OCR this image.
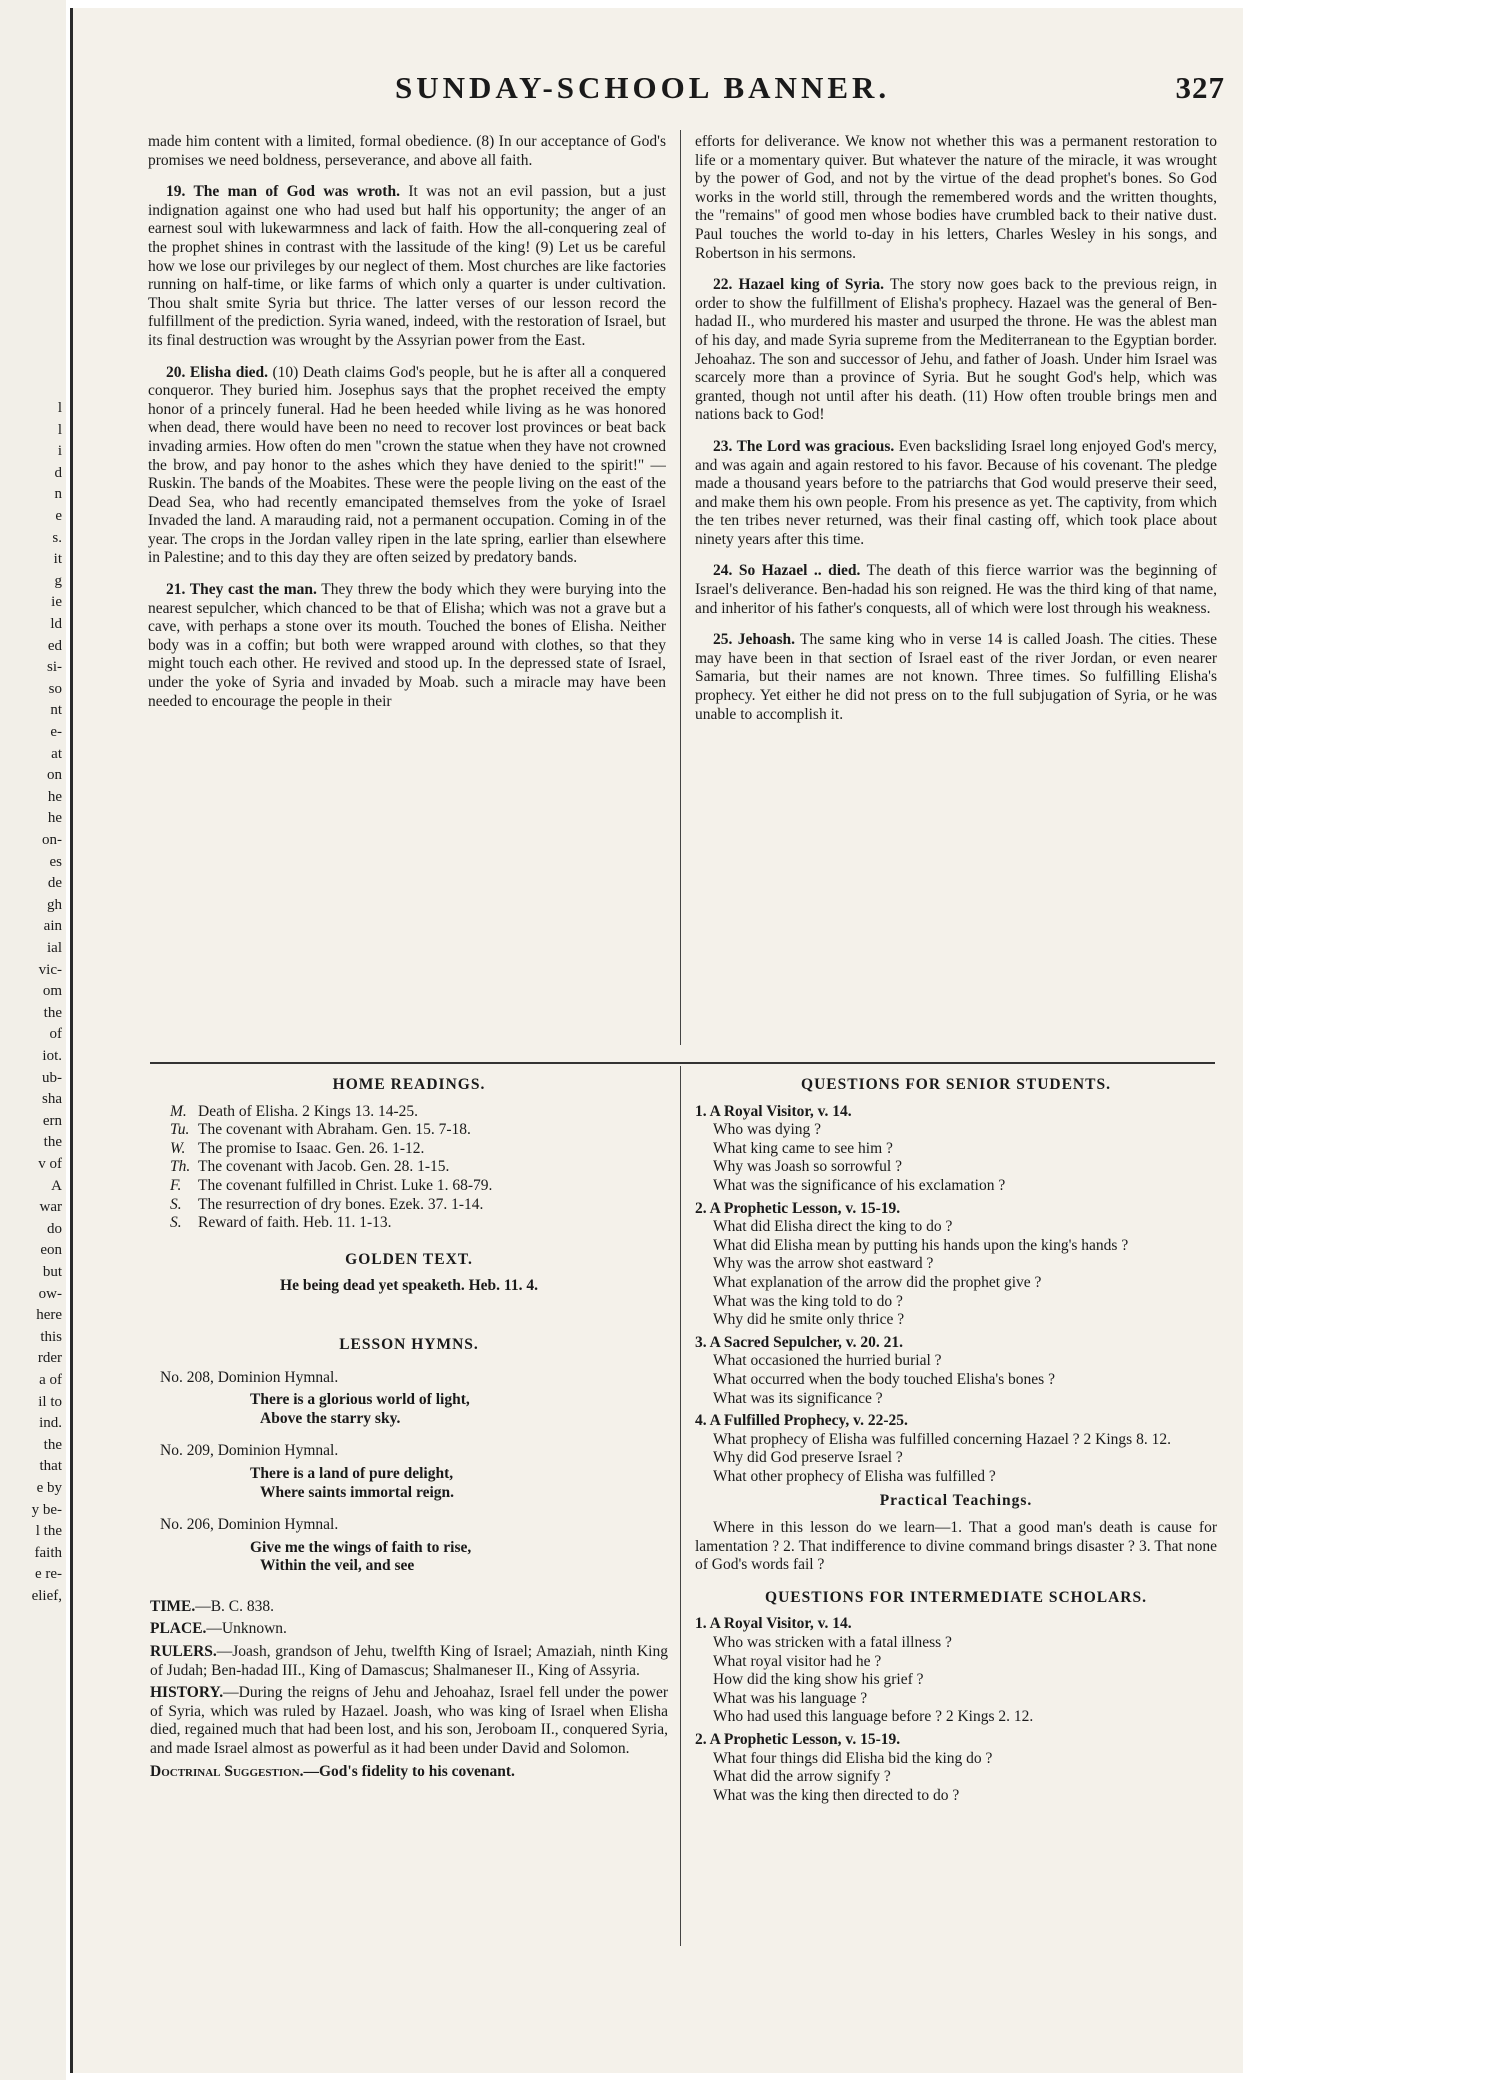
l
l
i
d
n
e
s.
it
g
ie
ld
ed
si-
so
nt
e-
at
on
he
he
on-
es
de
gh
ain
ial
vic-
om
the
of
iot.
ub-
sha
ern
the
v of
A
war
do
eon
but
ow-
here
this
rder
a of
il to
ind.
the
that
e by
y be-
l the
faith
e re-
elief,
SUNDAY-SCHOOL BANNER.	327

made him content with a limited, formal obedience. (8) In our acceptance of God's promises we need boldness, perseverance, and above all faith.

19. The man of God was wroth. It was not an evil passion, but a just indignation against one who had used but half his opportunity; the anger of an earnest soul with lukewarmness and lack of faith. How the all-conquering zeal of the prophet shines in contrast with the lassitude of the king! (9) Let us be careful how we lose our privileges by our neglect of them. Most churches are like factories running on half-time, or like farms of which only a quarter is under cultivation. Thou shalt smite Syria but thrice. The latter verses of our lesson record the fulfillment of the prediction. Syria waned, indeed, with the restoration of Israel, but its final destruction was wrought by the Assyrian power from the East.

20. Elisha died. (10) Death claims God's people, but he is after all a conquered conqueror. They buried him. Josephus says that the prophet received the empty honor of a princely funeral. Had he been heeded while living as he was honored when dead, there would have been no need to recover lost provinces or beat back invading armies. How often do men "crown the statue when they have not crowned the brow, and pay honor to the ashes which they have denied to the spirit!" —Ruskin. The bands of the Moabites. These were the people living on the east of the Dead Sea, who had recently emancipated themselves from the yoke of Israel Invaded the land. A marauding raid, not a permanent occupation. Coming in of the year. The crops in the Jordan valley ripen in the late spring, earlier than elsewhere in Palestine; and to this day they are often seized by predatory bands.

21. They cast the man. They threw the body which they were burying into the nearest sepulcher, which chanced to be that of Elisha; which was not a grave but a cave, with perhaps a stone over its mouth. Touched the bones of Elisha. Neither body was in a coffin; but both were wrapped around with clothes, so that they might touch each other. He revived and stood up. In the depressed state of Israel, under the yoke of Syria and invaded by Moab. such a miracle may have been needed to encourage the people in their

efforts for deliverance. We know not whether this was a permanent restoration to life or a momentary quiver. But whatever the nature of the miracle, it was wrought by the power of God, and not by the virtue of the dead prophet's bones. So God works in the world still, through the remembered words and the written thoughts, the "remains" of good men whose bodies have crumbled back to their native dust. Paul touches the world to-day in his letters, Charles Wesley in his songs, and Robertson in his sermons.

22. Hazael king of Syria. The story now goes back to the previous reign, in order to show the fulfillment of Elisha's prophecy. Hazael was the general of Ben-hadad II., who murdered his master and usurped the throne. He was the ablest man of his day, and made Syria supreme from the Mediterranean to the Egyptian border. Jehoahaz. The son and successor of Jehu, and father of Joash. Under him Israel was scarcely more than a province of Syria. But he sought God's help, which was granted, though not until after his death. (11) How often trouble brings men and nations back to God!

23. The Lord was gracious. Even backsliding Israel long enjoyed God's mercy, and was again and again restored to his favor. Because of his covenant. The pledge made a thousand years before to the patriarchs that God would preserve their seed, and make them his own people. From his presence as yet. The captivity, from which the ten tribes never returned, was their final casting off, which took place about ninety years after this time.

24. So Hazael .. died. The death of this fierce warrior was the beginning of Israel's deliverance. Ben-hadad his son reigned. He was the third king of that name, and inheritor of his father's conquests, all of which were lost through his weakness.

25. Jehoash. The same king who in verse 14 is called Joash. The cities. These may have been in that section of Israel east of the river Jordan, or even nearer Samaria, but their names are not known. Three times. So fulfilling Elisha's prophecy. Yet either he did not press on to the full subjugation of Syria, or he was unable to accomplish it.

HOME READINGS.
M. Death of Elisha. 2 Kings 13. 14-25.
Tu. The covenant with Abraham. Gen. 15. 7-18.
W. The promise to Isaac. Gen. 26. 1-12.
Th. The covenant with Jacob. Gen. 28. 1-15.
F.	The covenant fulfilled in Christ. Luke 1. 68-79.
S.	The resurrection of dry bones. Ezek. 37. 1-14.
S.	Reward of faith. Heb. 11. 1-13.
GOLDEN TEXT.
He being dead yet speaketh. Heb. 11. 4.
LESSON HYMNS.
No. 208, Dominion Hymnal.
There is a glorious world of light,
Above the starry sky.
No. 209, Dominion Hymnal.
There is a land of pure delight,
Where saints immortal reign.
No. 206, Dominion Hymnal.
Give me the wings of faith to rise,
Within the veil, and see
TIME.—B. C. 838.
PLACE.—Unknown.
RULERS.—Joash, grandson of Jehu, twelfth King of Israel; Amaziah, ninth King of Judah; Ben-hadad III., King of Damascus; Shalmaneser II., King of Assyria.
HISTORY.—During the reigns of Jehu and Jehoahaz, Israel fell under the power of Syria, which was ruled by Hazael. Joash, who was king of Israel when Elisha died, regained much that had been lost, and his son, Jeroboam II., conquered Syria, and made Israel almost as powerful as it had been under David and Solomon.
Doctrinal Suggestion.—God's fidelity to his covenant.
QUESTIONS FOR SENIOR STUDENTS.
1. A Royal Visitor, v. 14.
Who was dying ?
What king came to see him ?
Why was Joash so sorrowful ?
What was the significance of his exclamation ?
2. A Prophetic Lesson, v. 15-19.
What did Elisha direct the king to do ?
What did Elisha mean by putting his hands upon the king's hands ?
Why was the arrow shot eastward ?
What explanation of the arrow did the prophet give ?
What was the king told to do ?
Why did he smite only thrice ?
3. A Sacred Sepulcher, v. 20. 21.
What occasioned the hurried burial ?
What occurred when the body touched Elisha's bones ?
What was its significance ?
4. A Fulfilled Prophecy, v. 22-25.
What prophecy of Elisha was fulfilled concerning Hazael ? 2 Kings 8. 12.
Why did God preserve Israel ?
What other prophecy of Elisha was fulfilled ?
Practical Teachings.
Where in this lesson do we learn—1. That a good man's death is cause for lamentation ? 2. That indifference to divine command brings disaster ? 3. That none of God's words fail ?
QUESTIONS FOR INTERMEDIATE SCHOLARS.
1. A Royal Visitor, v. 14.
Who was stricken with a fatal illness ?
What royal visitor had he ?
How did the king show his grief ?
What was his language ?
Who had used this language before ? 2 Kings 2. 12.
2. A Prophetic Lesson, v. 15-19.
What four things did Elisha bid the king do ?
What did the arrow signify ?
What was the king then directed to do ?
